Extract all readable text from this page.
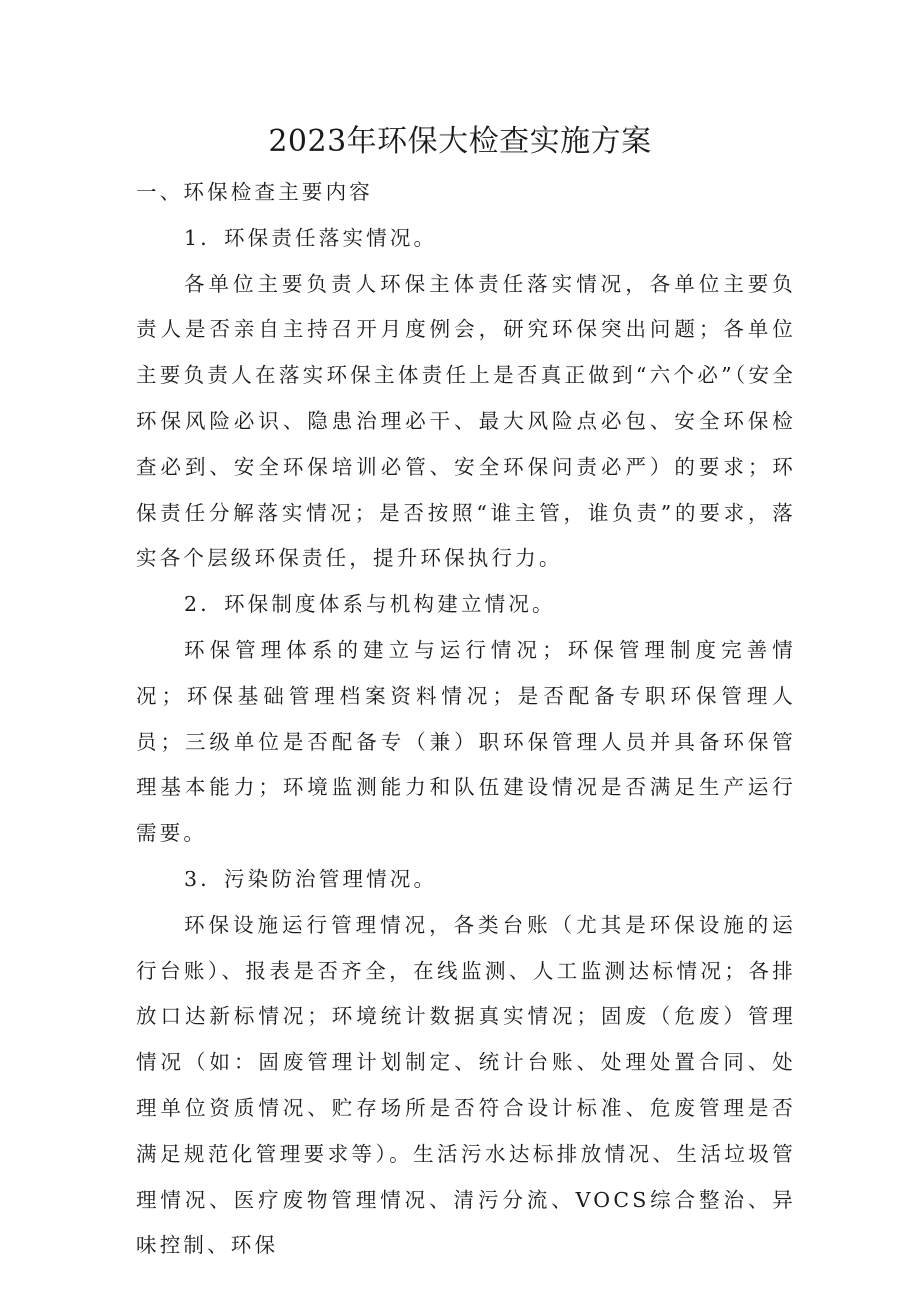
2023年环保大检查实施方案

一、环保检查主要内容

1．环保责任落实情况。

各单位主要负责人环保主体责任落实情况，各单位主要负责人是否亲自主持召开月度例会，研究环保突出问题；各单位主要负责人在落实环保主体责任上是否真正做到“六个必”（安全环保风险必识、隐患治理必干、最大风险点必包、安全环保检查必到、安全环保培训必管、安全环保问责必严）的要求；环保责任分解落实情况；是否按照“谁主管，谁负责”的要求，落实各个层级环保责任，提升环保执行力。

2．环保制度体系与机构建立情况。

环保管理体系的建立与运行情况；环保管理制度完善情况；环保基础管理档案资料情况；是否配备专职环保管理人员；三级单位是否配备专（兼）职环保管理人员并具备环保管理基本能力；环境监测能力和队伍建设情况是否满足生产运行需要。

3．污染防治管理情况。

环保设施运行管理情况，各类台账（尤其是环保设施的运行台账）、报表是否齐全，在线监测、人工监测达标情况；各排放口达新标情况；环境统计数据真实情况；固废（危废）管理情况（如：固废管理计划制定、统计台账、处理处置合同、处理单位资质情况、贮存场所是否符合设计标准、危废管理是否满足规范化管理要求等）。生活污水达标排放情况、生活垃圾管理情况、医疗废物管理情况、清污分流、VOCS综合整治、异味控制、环保
